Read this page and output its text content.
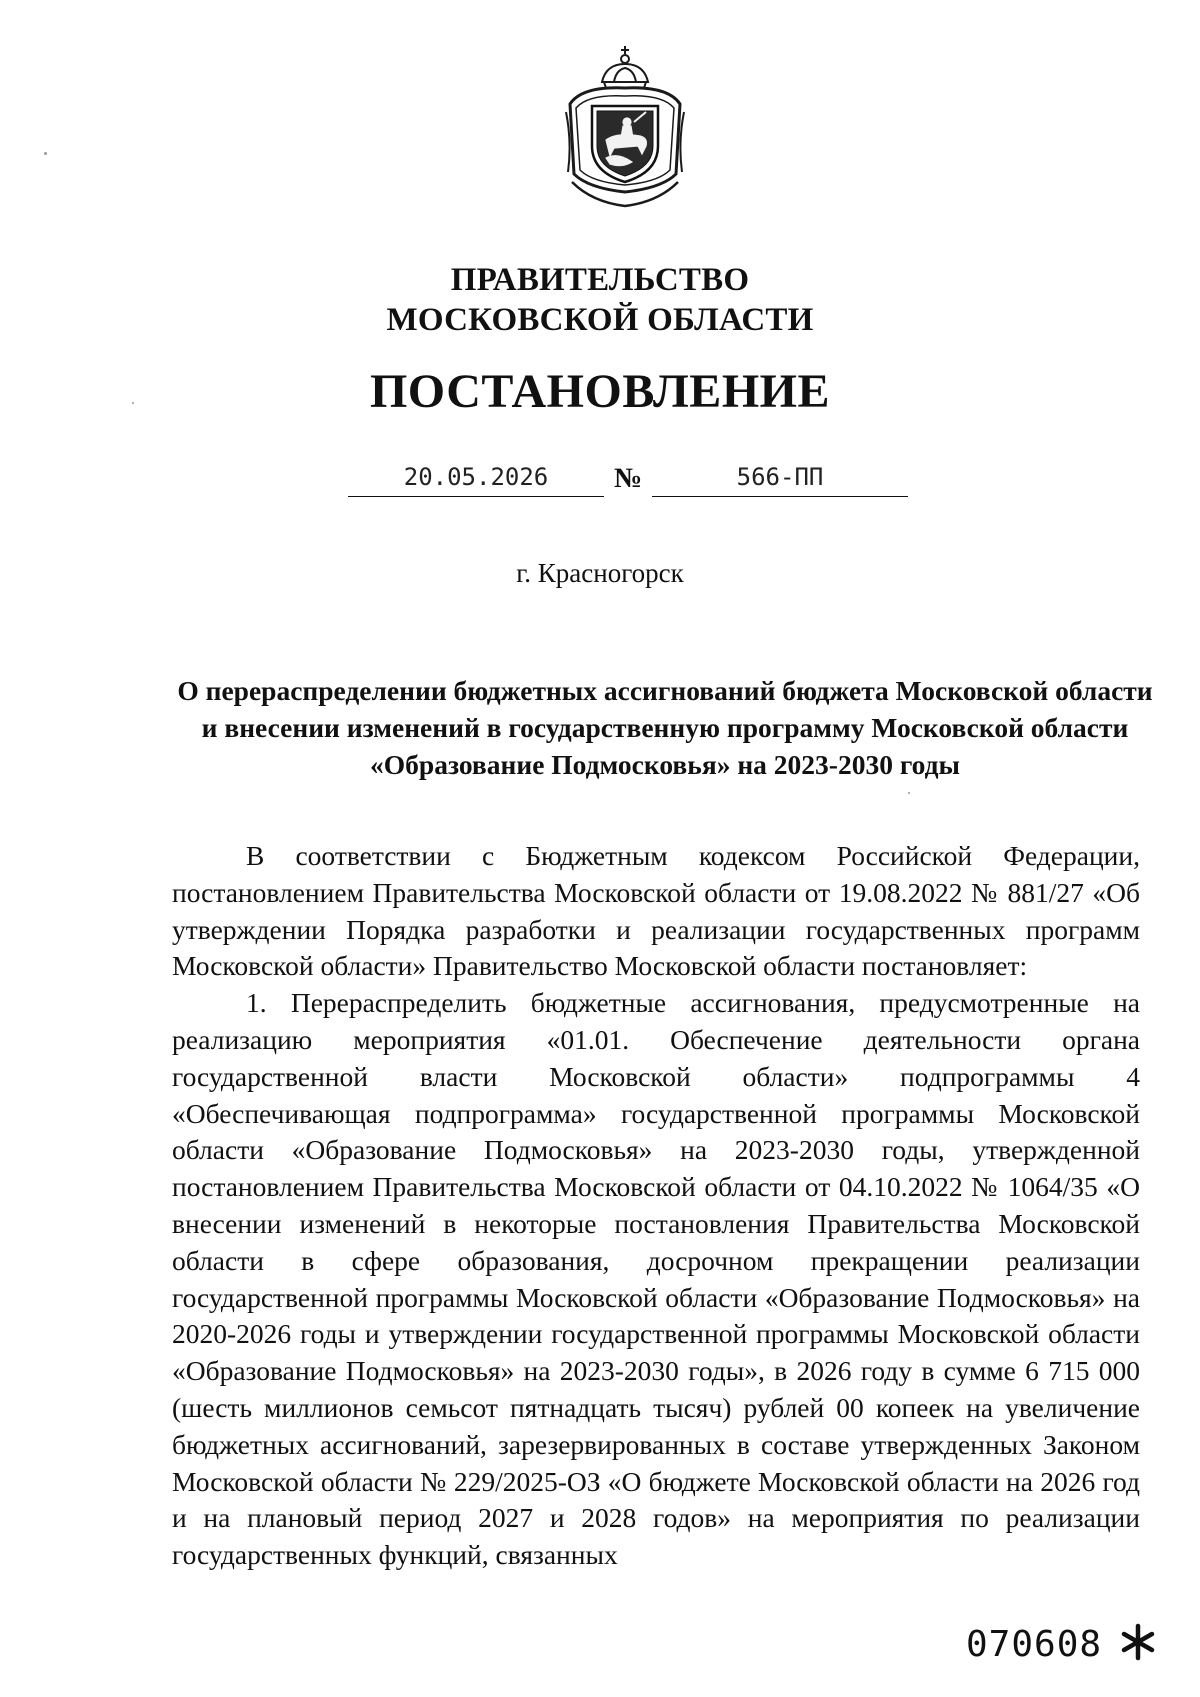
ПРАВИТЕЛЬСТВО
МОСКОВСКОЙ ОБЛАСТИ
ПОСТАНОВЛЕНИЕ
20.05.2026	№	566-ПП
г. Красногорск
О перераспределении бюджетных ассигнований бюджета Московской области и внесении изменений в государственную программу Московской области «Образование Подмосковья» на 2023-2030 годы

В соответствии с Бюджетным кодексом Российской Федерации, постановлением Правительства Московской области от 19.08.2022 № 881/27 «Об утверждении Порядка разработки и реализации государственных программ Московской области» Правительство Московской области постановляет:

1. Перераспределить бюджетные ассигнования, предусмотренные на реализацию мероприятия «01.01. Обеспечение деятельности органа государственной власти Московской области» подпрограммы 4 «Обеспечивающая подпрограмма» государственной программы Московской области «Образование Подмосковья» на 2023-2030 годы, утвержденной постановлением Правительства Московской области от 04.10.2022 № 1064/35 «О внесении изменений в некоторые постановления Правительства Московской области в сфере образования, досрочном прекращении реализации государственной программы Московской области «Образование Подмосковья» на 2020-2026 годы и утверждении государственной программы Московской области «Образование Подмосковья» на 2023-2030 годы», в 2026 году в сумме 6 715 000 (шесть миллионов семьсот пятнадцать тысяч) рублей 00 копеек на увеличение бюджетных ассигнований, зарезервированных в составе утвержденных Законом Московской области № 229/2025-ОЗ «О бюджете Московской области на 2026 год и на плановый период 2027 и 2028 годов» на мероприятия по реализации государственных функций, связанных

070608
